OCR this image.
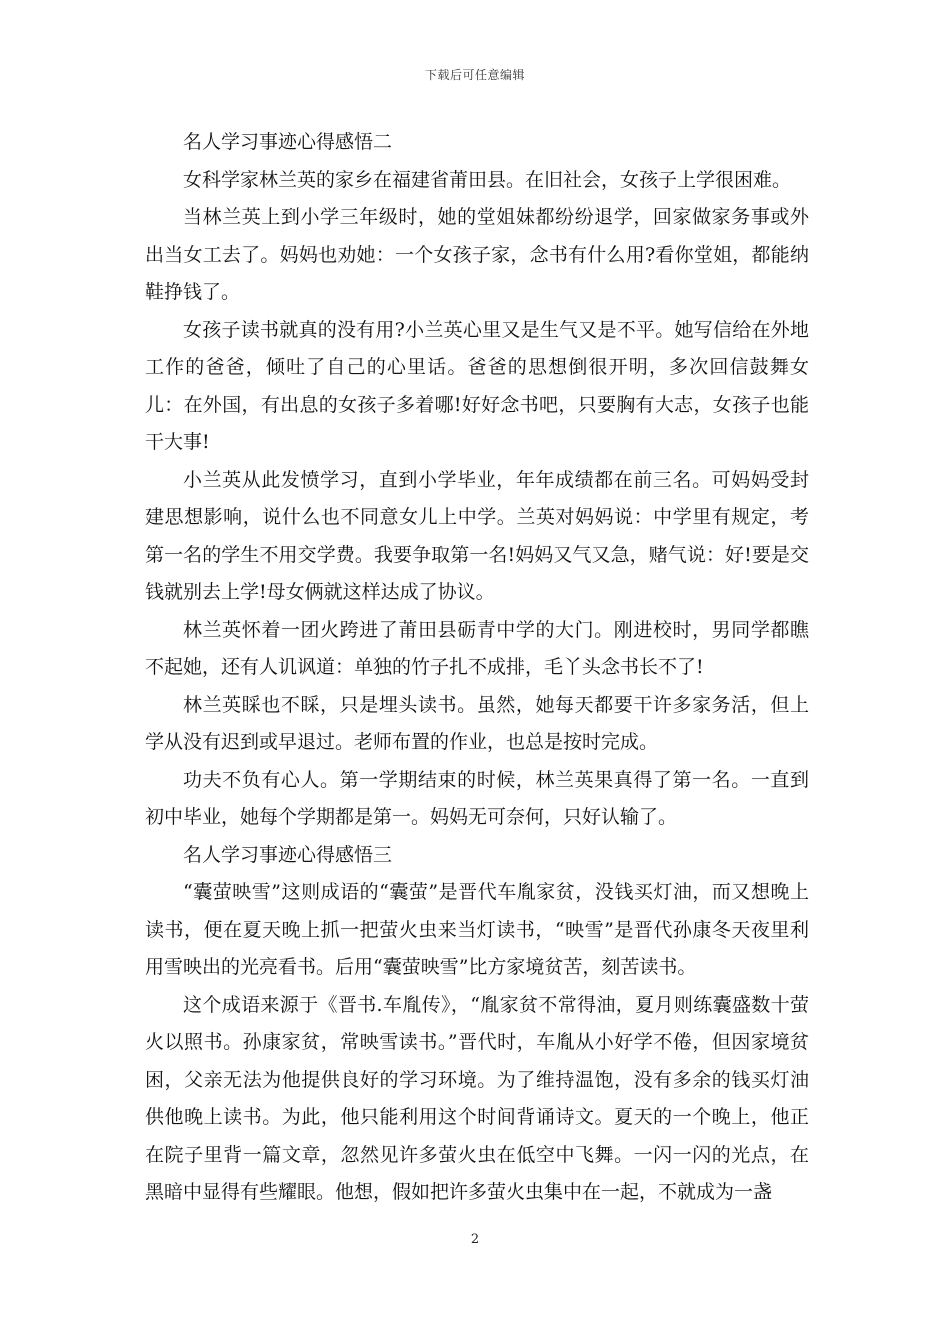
下载后可任意编辑

名人学习事迹心得感悟二

女科学家林兰英的家乡在福建省莆田县。在旧社会，女孩子上学很困难。

当林兰英上到小学三年级时，她的堂姐妹都纷纷退学，回家做家务事或外出当女工去了。妈妈也劝她：一个女孩子家，念书有什么用?看你堂姐，都能纳鞋挣钱了。

女孩子读书就真的没有用?小兰英心里又是生气又是不平。她写信给在外地工作的爸爸，倾吐了自己的心里话。爸爸的思想倒很开明，多次回信鼓舞女儿：在外国，有出息的女孩子多着哪!好好念书吧，只要胸有大志，女孩子也能干大事!

小兰英从此发愤学习，直到小学毕业，年年成绩都在前三名。可妈妈受封建思想影响，说什么也不同意女儿上中学。兰英对妈妈说：中学里有规定，考第一名的学生不用交学费。我要争取第一名!妈妈又气又急，赌气说：好!要是交钱就别去上学!母女俩就这样达成了协议。

林兰英怀着一团火跨进了莆田县砺青中学的大门。刚进校时，男同学都瞧不起她，还有人讥讽道：单独的竹子扎不成排，毛丫头念书长不了!

林兰英睬也不睬，只是埋头读书。虽然，她每天都要干许多家务活，但上学从没有迟到或早退过。老师布置的作业，也总是按时完成。

功夫不负有心人。第一学期结束的时候，林兰英果真得了第一名。一直到初中毕业，她每个学期都是第一。妈妈无可奈何，只好认输了。

名人学习事迹心得感悟三

“囊萤映雪”这则成语的“囊萤”是晋代车胤家贫，没钱买灯油，而又想晚上读书，便在夏天晚上抓一把萤火虫来当灯读书，“映雪”是晋代孙康冬天夜里利用雪映出的光亮看书。后用“囊萤映雪”比方家境贫苦，刻苦读书。

这个成语来源于《晋书.车胤传》，“胤家贫不常得油，夏月则练囊盛数十萤火以照书。孙康家贫，常映雪读书。”晋代时，车胤从小好学不倦，但因家境贫困，父亲无法为他提供良好的学习环境。为了维持温饱，没有多余的钱买灯油供他晚上读书。为此，他只能利用这个时间背诵诗文。夏天的一个晚上，他正在院子里背一篇文章，忽然见许多萤火虫在低空中飞舞。一闪一闪的光点，在黑暗中显得有些耀眼。他想，假如把许多萤火虫集中在一起，不就成为一盏

2
